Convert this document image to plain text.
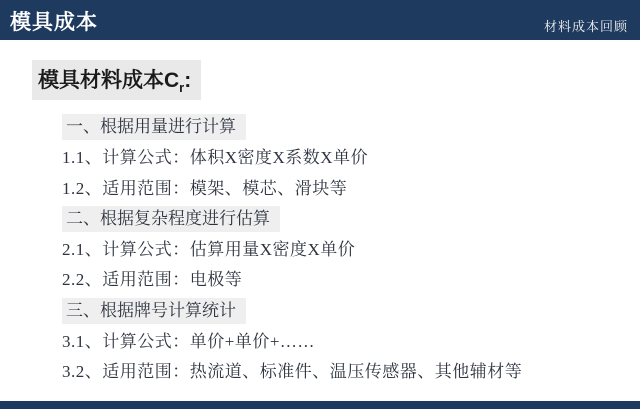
模具成本	材料成本回顾
模具材料成本$C_r$:
一、根据用量进行计算
1.1、计算公式：体积X密度X系数X单价
1.2、适用范围：模架、模芯、滑块等
二、根据复杂程度进行估算
2.1、计算公式：估算用量X密度X单价
2.2、适用范围：电极等
三、根据牌号计算统计
3.1、计算公式：单价+单价+……
3.2、适用范围：热流道、标准件、温压传感器、其他辅材等
